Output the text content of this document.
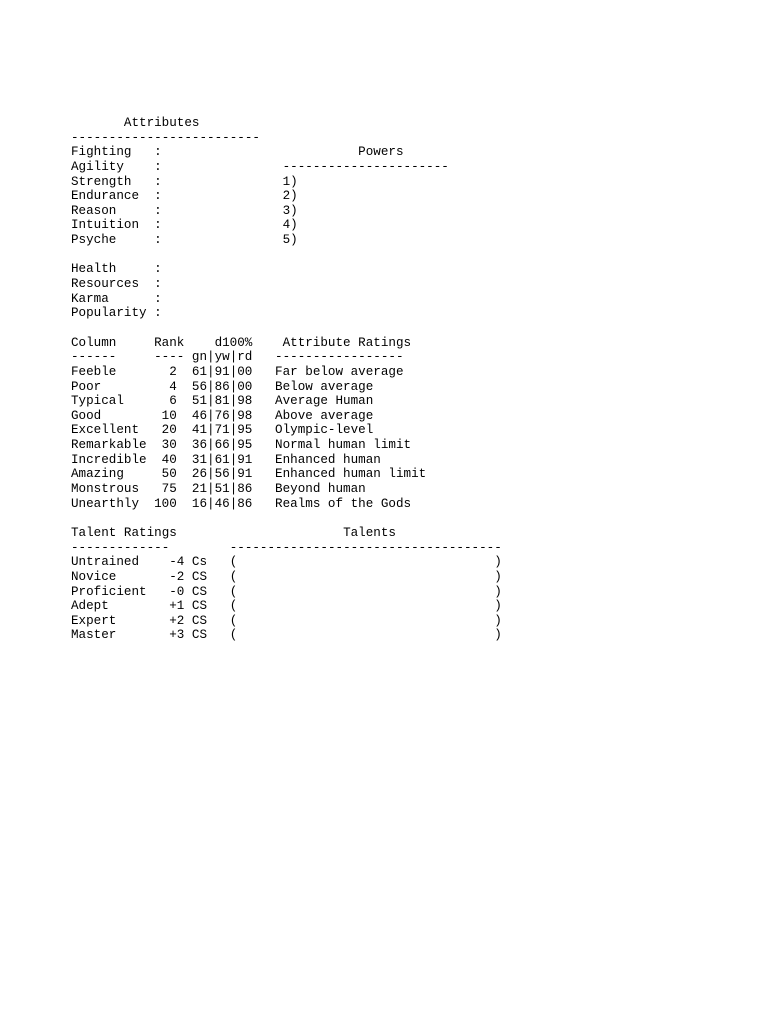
Attributes
-------------------------
Fighting :	Powers
Agility :	----------------------
Strength :	1)
Endurance :	2)
Reason	:	3)
Intuition :	4)
Psyche	:	5)
Health	:
Resources :
Karma	:
Popularity :
Column	Rank d100% Attribute Ratings
------	---- gn|yw|rd -----------------
Feeble	2 61|91|00 Far below average
Poor	4 56|86|00 Below average
Typical	6 51|81|98 Average Human
Good	10 46|76|98 Above average
Excellent 20 41|71|95 Olympic-level
Remarkable 30 36|66|95 Normal human limit
Incredible 40 31|61|91 Enhanced human
Amazing	50 26|56|91 Enhanced human limit
Monstrous 75 21|51|86 Beyond human
Unearthly 100 16|46|86 Realms of the Gods
Talent Ratings	Talents
-------------	------------------------------------
Untrained -4 Cs (	)
Novice	-2 CS (	)
Proficient -0 CS (	)
Adept	+1 CS (	)
Expert	+2 CS (	)
Master	+3 CS (	)
